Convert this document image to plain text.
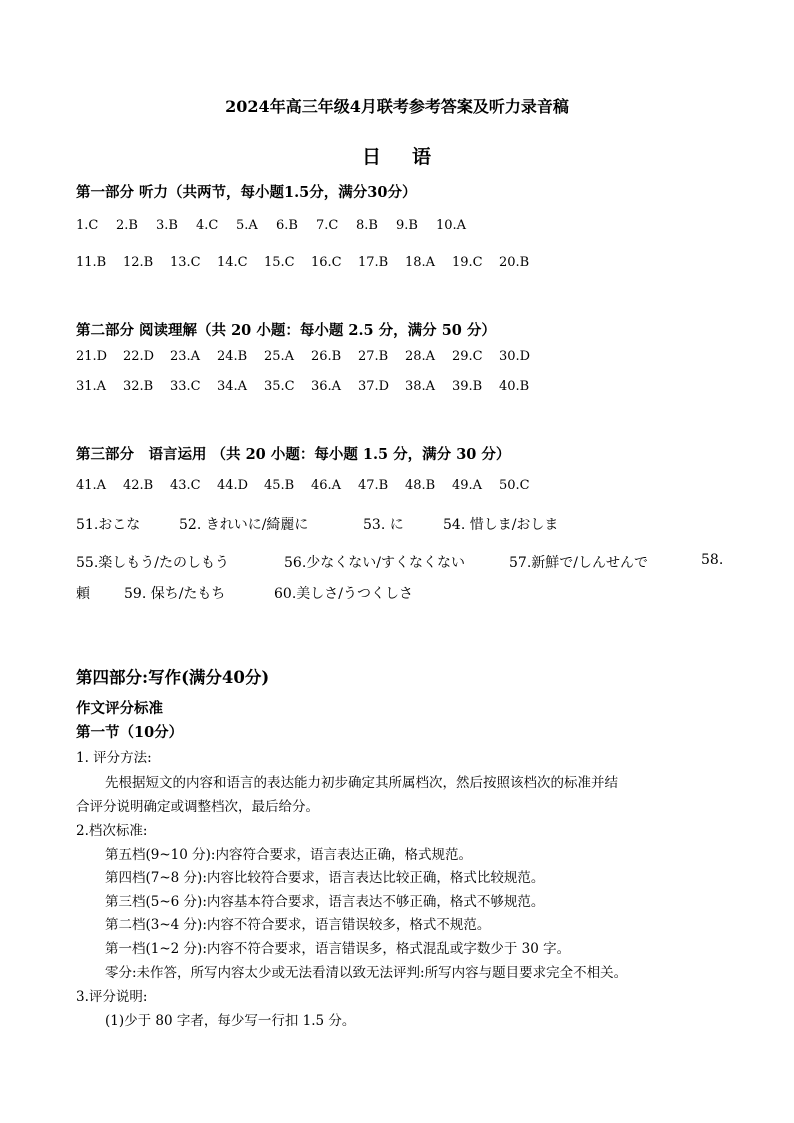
2024年高三年级4月联考参考答案及听力录音稿
日 语
第一部分 听力（共两节，每小题1.5分，满分30分）
1.C	2.B	3.B	4.C	5.A	6.B	7.C	8.B	9.B	10.A
11.B	12.B	13.C	14.C	15.C	16.C	17.B	18.A	19.C	20.B
第二部分 阅读理解（共 20 小题：每小题 2.5 分，满分 50 分）
21.D	22.D	23.A	24.B	25.A	26.B	27.B	28.A	29.C	30.D
31.A	32.B	33.C	34.A	35.C	36.A	37.D	38.A	39.B	40.B
第三部分　语言运用 （共 20 小题：每小题 1.5 分，满分 30 分）
41.A	42.B	43.C	44.D	45.B	46.A	47.B	48.B	49.A	50.C
51.おこな	52. きれいに/綺麗に	53. に	54. 惜しま/おしま
55.楽しもう/たのしもう	56.少なくない/すくなくない	57.新鮮で/しんせんで	58.
頼 59. 保ち/たもち	60.美しさ/うつくしさ
第四部分:写作(满分40分)
作文评分标准
第一节（10分）
1. 评分方法:
先根据短文的内容和语言的表达能力初步确定其所属档次，然后按照该档次的标准并结
合评分说明确定或调整档次，最后给分。
2.档次标准:
第五档(9~10 分):内容符合要求，语言表达正确，格式规范。
第四档(7~8 分):内容比较符合要求，语言表达比较正确，格式比较规范。
第三档(5~6 分):内容基本符合要求，语言表达不够正确，格式不够规范。
第二档(3~4 分):内容不符合要求，语言错误较多，格式不规范。
第一档(1~2 分):内容不符合要求，语言错误多，格式混乱或字数少于 30 字。
零分:未作答，所写内容太少或无法看清以致无法评判:所写内容与题目要求完全不相关。
3.评分说明:
(1)少于 80 字者，每少写一行扣 1.5 分。
